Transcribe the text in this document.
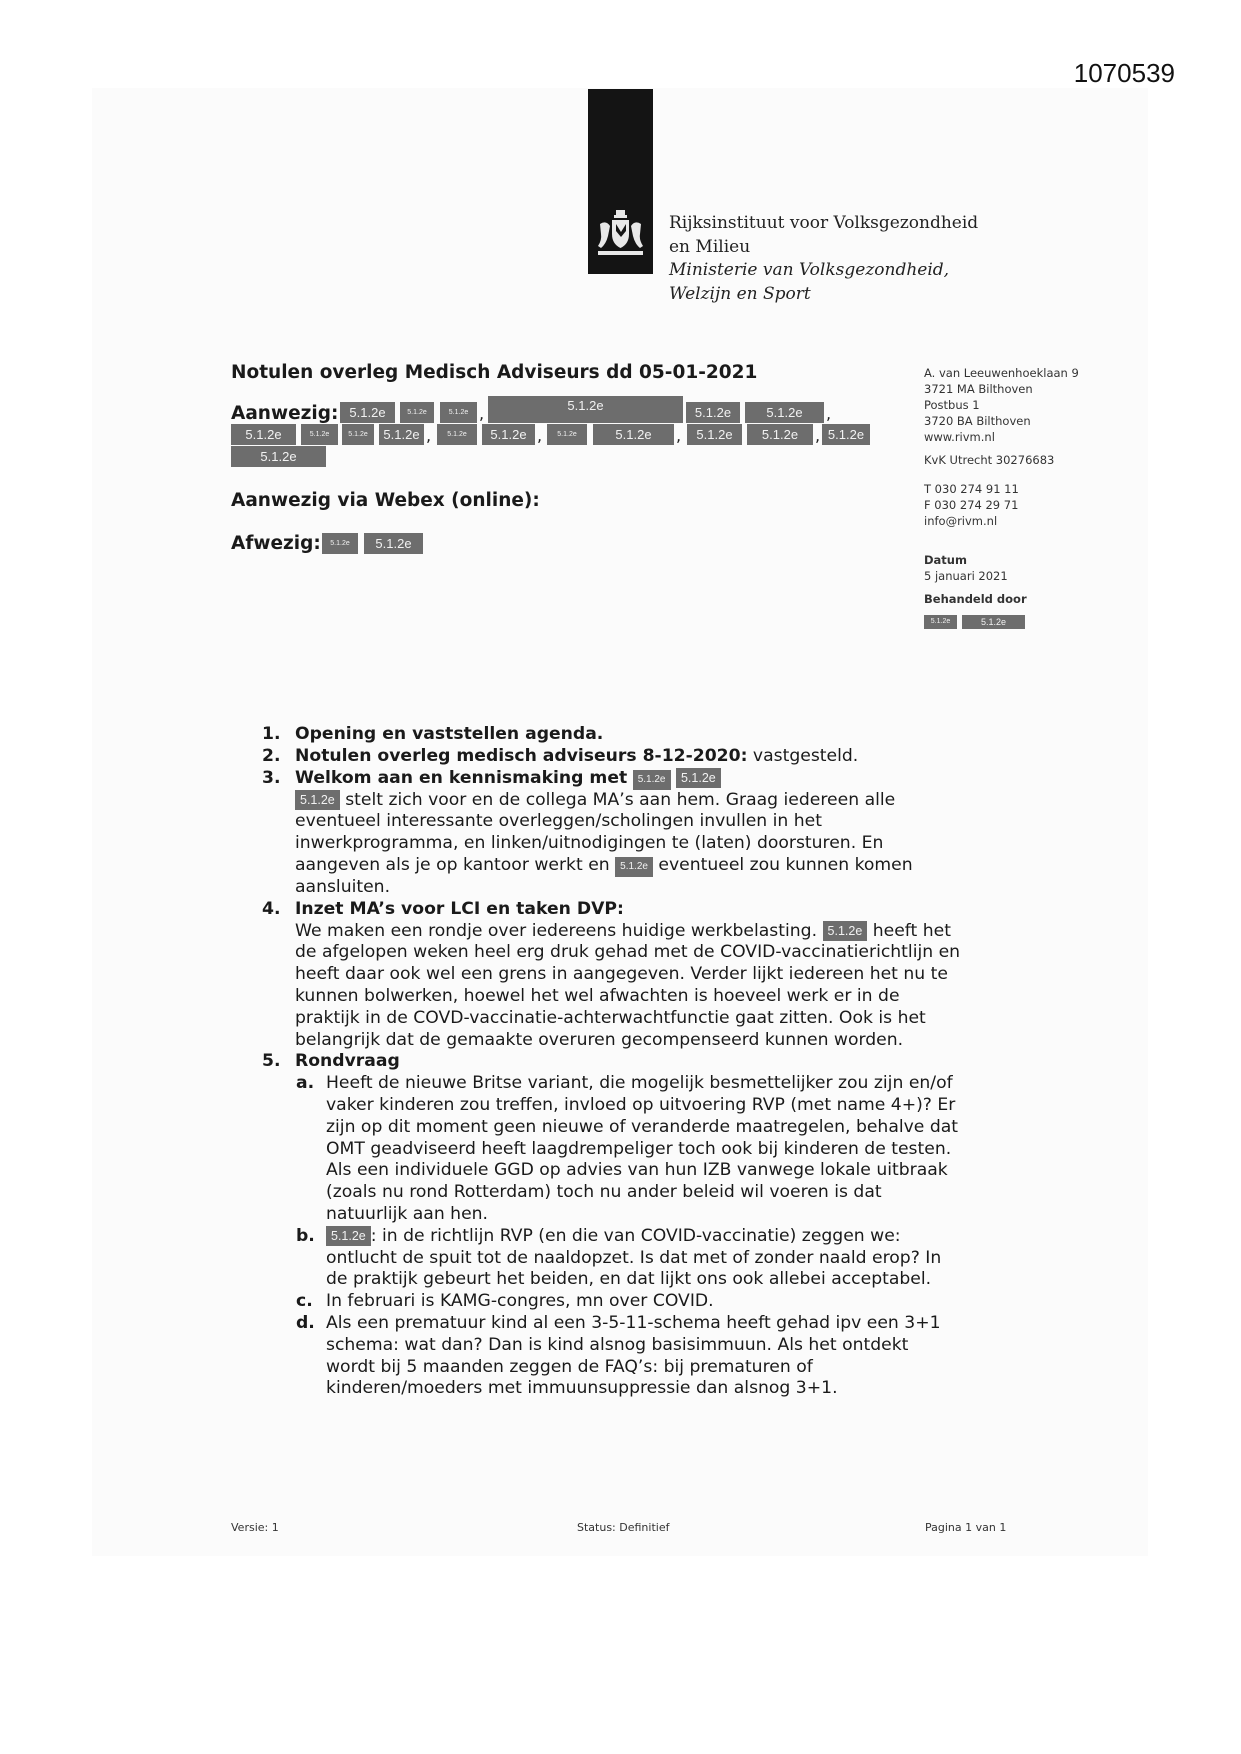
1070539
Rijksinstituut voor Volksgezondheid
en Milieu
Ministerie van Volksgezondheid,
Welzijn en Sport
Notulen overleg Medisch Adviseurs dd 05-01-2021
Aanwezig: 5.1.2e	5.1.2e	5.1.2e ,	5.1.2e	5.1.2e	5.1.2e	,
5.1.2e	5.1.2e	5.1.2e	5.1.2e ,	5.1.2e	5.1.2e ,	5.1.2e	5.1.2e	,	5.1.2e	5.1.2e	, 5.1.2e
5.1.2e
Aanwezig via Webex (online):
Afwezig:	5.1.2e	5.1.2e
A. van Leeuwenhoeklaan 9
3721 MA Bilthoven
Postbus 1
3720 BA Bilthoven
www.rivm.nl
KvK Utrecht 30276683
T 030 274 91 11
F 030 274 29 71
info@rivm.nl
Datum
5 januari 2021
Behandeld door
5.1.2e	5.1.2e
1. Opening en vaststellen agenda.
2. Notulen overleg medisch adviseurs 8-12-2020: vastgesteld.
3. Welkom aan en kennismaking met 5.1.2e 5.1.2e
5.1.2e stelt zich voor en de collega MA’s aan hem. Graag iedereen alle eventueel interessante overleggen/scholingen invullen in het inwerkprogramma, en linken/uitnodigingen te (laten) doorsturen. En aangeven als je op kantoor werkt en 5.1.2e eventueel zou kunnen komen aansluiten.
4. Inzet MA’s voor LCI en taken DVP:
We maken een rondje over iedereens huidige werkbelasting. 5.1.2e heeft het de afgelopen weken heel erg druk gehad met de COVID-vaccinatierichtlijn en heeft daar ook wel een grens in aangegeven. Verder lijkt iedereen het nu te kunnen bolwerken, hoewel het wel afwachten is hoeveel werk er in de praktijk in de COVD-vaccinatie-achterwachtfunctie gaat zitten. Ook is het belangrijk dat de gemaakte overuren gecompenseerd kunnen worden.
5. Rondvraag
a. Heeft de nieuwe Britse variant, die mogelijk besmettelijker zou zijn en/of vaker kinderen zou treffen, invloed op uitvoering RVP (met name 4+)? Er zijn op dit moment geen nieuwe of veranderde maatregelen, behalve dat OMT geadviseerd heeft laagdrempeliger toch ook bij kinderen de testen. Als een individuele GGD op advies van hun IZB vanwege lokale uitbraak (zoals nu rond Rotterdam) toch nu ander beleid wil voeren is dat natuurlijk aan hen.
b. 5.1.2e : in de richtlijn RVP (en die van COVID-vaccinatie) zeggen we: ontlucht de spuit tot de naaldopzet. Is dat met of zonder naald erop? In de praktijk gebeurt het beiden, en dat lijkt ons ook allebei acceptabel.
c. In februari is KAMG-congres, mn over COVID.
d. Als een prematuur kind al een 3-5-11-schema heeft gehad ipv een 3+1 schema: wat dan? Dan is kind alsnog basisimmuun. Als het ontdekt wordt bij 5 maanden zeggen de FAQ’s: bij prematuren of kinderen/moeders met immuunsuppressie dan alsnog 3+1.
Versie: 1	Status: Definitief	Pagina 1 van 1
